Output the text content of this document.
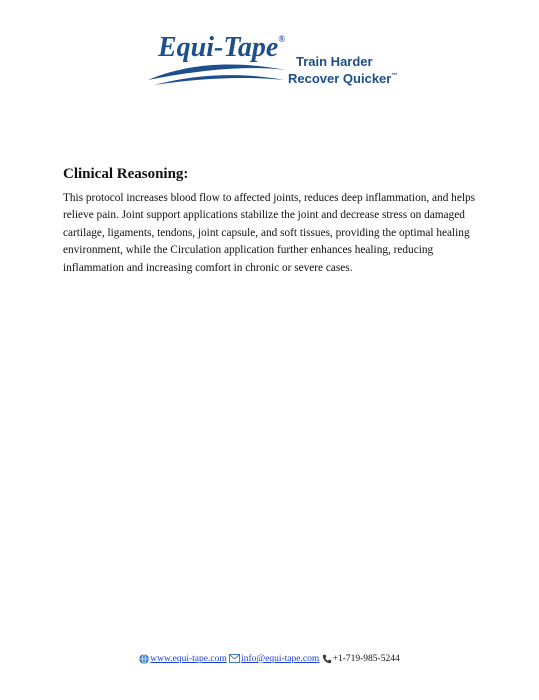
Equi-Tape®
Train Harder
Recover Quicker™
Clinical Reasoning:

This protocol increases blood flow to affected joints, reduces deep inflammation, and helps relieve pain. Joint support applications stabilize the joint and decrease stress on damaged cartilage, ligaments, tendons, joint capsule, and soft tissues, providing the optimal healing environment, while the Circulation application further enhances healing, reducing inflammation and increasing comfort in chronic or severe cases.

www.equi-tape.com info@equi-tape.com +1-719-985-5244
